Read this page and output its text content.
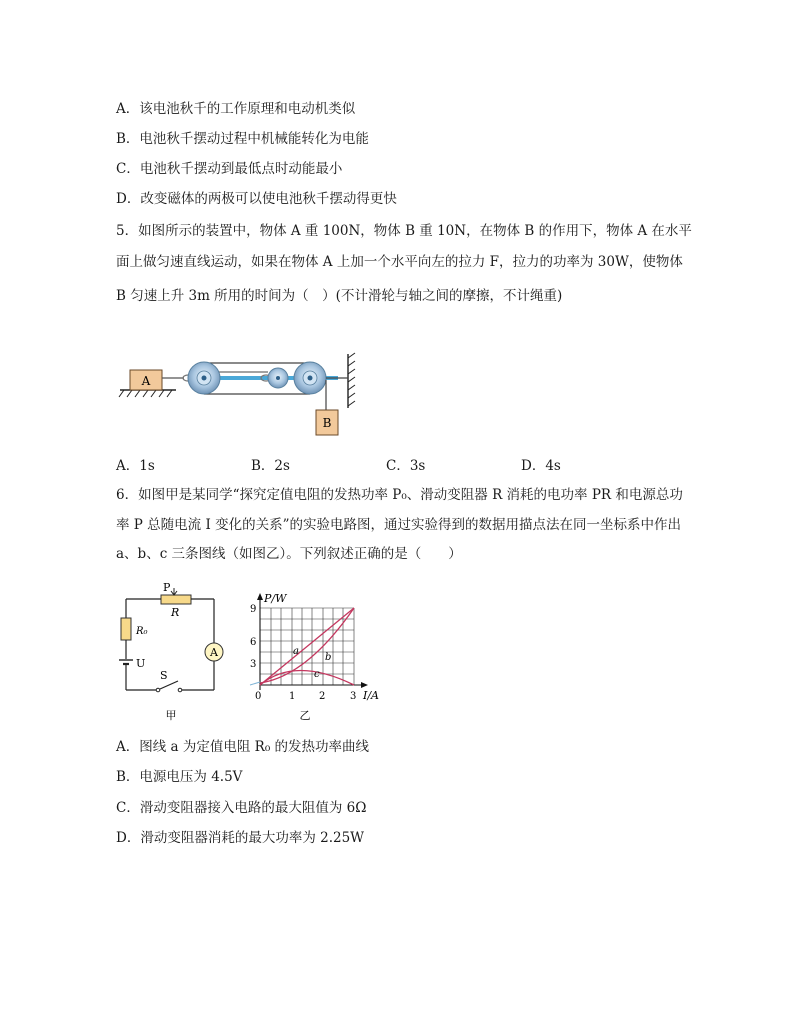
A．该电池秋千的工作原理和电动机类似
B．电池秋千摆动过程中机械能转化为电能
C．电池秋千摆动到最低点时动能最小
D．改变磁体的两极可以使电池秋千摆动得更快
5．如图所示的装置中，物体 A 重 100N，物体 B 重 10N，在物体 B 的作用下，物体 A 在水平
面上做匀速直线运动，如果在物体 A 上加一个水平向左的拉力 F，拉力的功率为 30W，使物体
B 匀速上升 3m 所用的时间为（　）(不计滑轮与轴之间的摩擦，不计绳重)
A
B
A．1s	B．2s	C．3s	D．4s
6．如图甲是某同学“探究定值电阻的发热功率 P₀、滑动变阻器 R 消耗的电功率 PR 和电源总功
率 P 总随电流 I 变化的关系”的实验电路图，通过实验得到的数据用描点法在同一坐标系中作出
a、b、c 三条图线（如图乙）。下列叙述正确的是（　　）
P
R
R₀
U
S
A
甲
a
b
c
P/W
I/A
0	1 2 3
3
6
9
乙
A．图线 a 为定值电阻 R₀ 的发热功率曲线
B．电源电压为 4.5V
C．滑动变阻器接入电路的最大阻值为 6Ω
D．滑动变阻器消耗的最大功率为 2.25W
